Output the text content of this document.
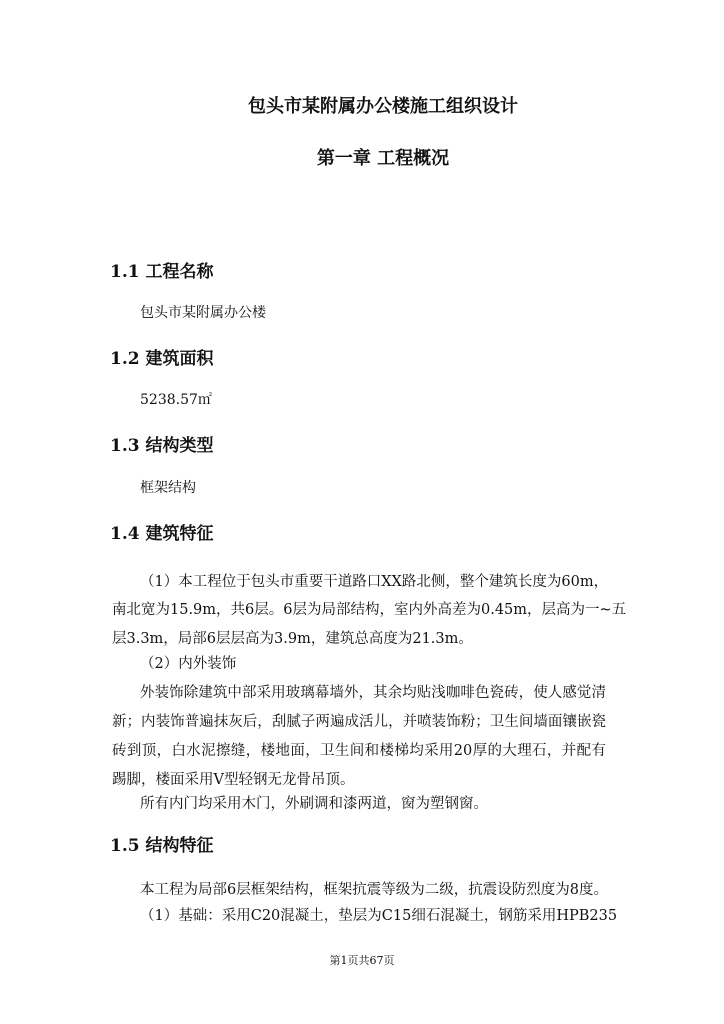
包头市某附属办公楼施工组织设计
第一章 工程概况
1.1 工程名称
包头市某附属办公楼
1.2 建筑面积
5238.57㎡
1.3 结构类型
框架结构
1.4 建筑特征
（1）本工程位于包头市重要干道路口XX路北侧，整个建筑长度为60m，
南北宽为15.9m，共6层。6层为局部结构，室内外高差为0.45m，层高为一~五
层3.3m，局部6层层高为3.9m，建筑总高度为21.3m。
（2）内外装饰
外装饰除建筑中部采用玻璃幕墙外，其余均贴浅咖啡色瓷砖，使人感觉清
新；内装饰普遍抹灰后，刮腻子两遍成活儿，并喷装饰粉；卫生间墙面镶嵌瓷
砖到顶，白水泥擦缝，楼地面，卫生间和楼梯均采用20厚的大理石，并配有
踢脚，楼面采用V型轻钢无龙骨吊顶。
所有内门均采用木门，外刷调和漆两道，窗为塑钢窗。
1.5 结构特征
本工程为局部6层框架结构，框架抗震等级为二级，抗震设防烈度为8度。
（1）基础：采用C20混凝土，垫层为C15细石混凝土，钢筋采用HPB235
第1页共67页
